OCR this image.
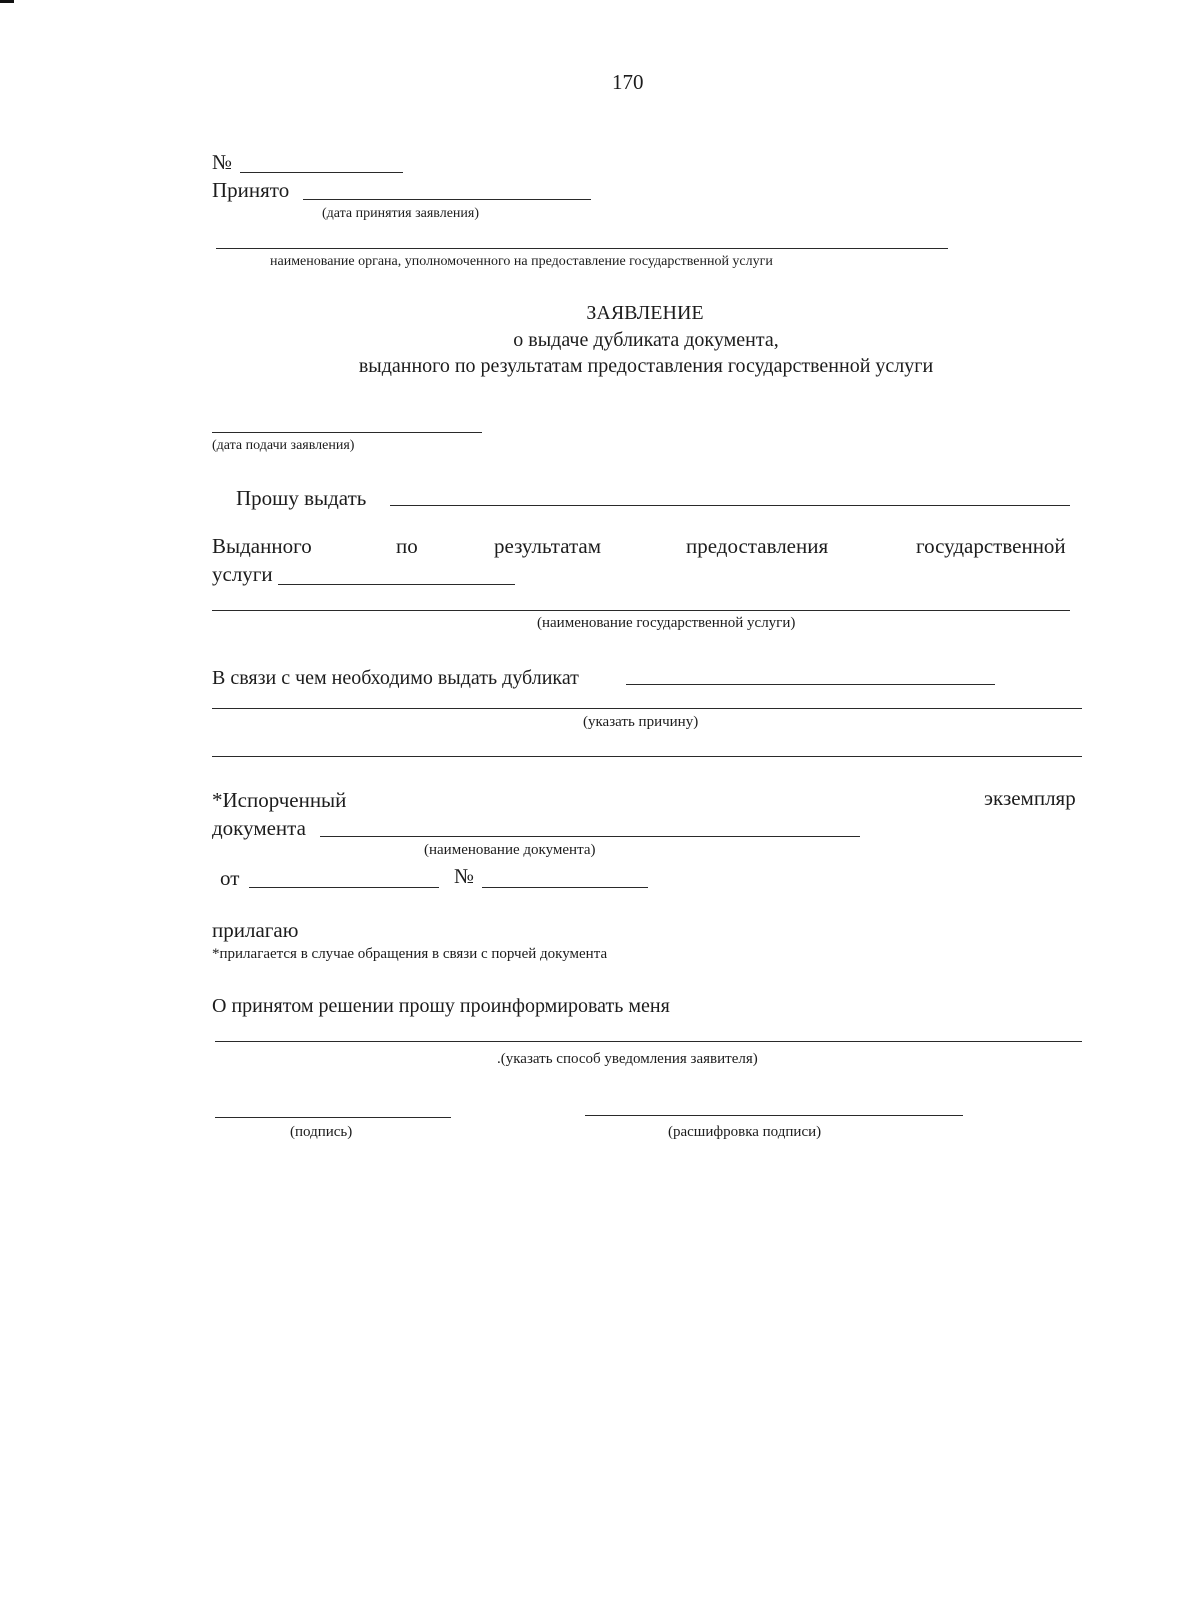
170
№
Принято
(дата принятия заявления)
наименование органа, уполномоченного на предоставление государственной услуги
ЗАЯВЛЕНИЕ
о выдаче дубликата документа,
выданного по результатам предоставления государственной услуги
(дата подачи заявления)
Прошу выдать
Выданного	по	результатам	предоставления	государственной
услуги
(наименование государственной услуги)
В связи с чем необходимо выдать дубликат
(указать причину)
*Испорченный	экземпляр
документа
(наименование документа)
от	№
прилагаю
*прилагается в случае обращения в связи с порчей документа
О принятом решении прошу проинформировать меня
.(указать способ уведомления заявителя)
(подпись)	(расшифровка подписи)
